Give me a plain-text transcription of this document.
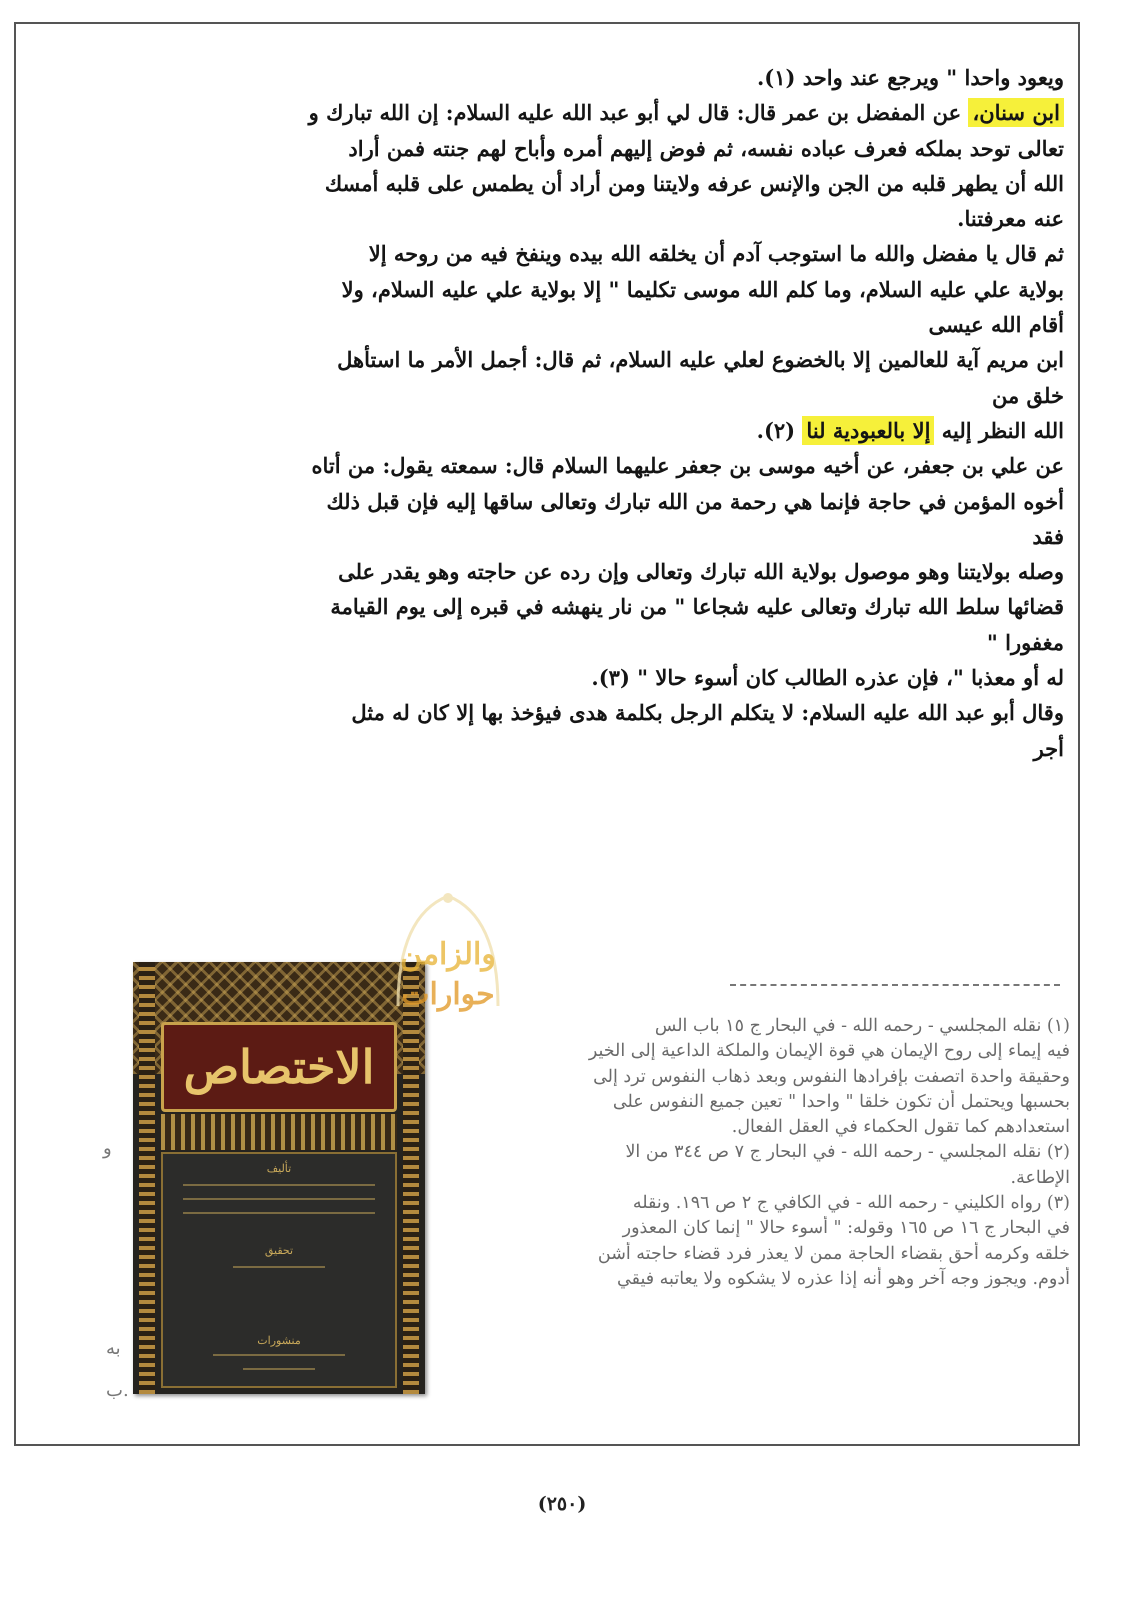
ويعود واحدا " ويرجع عند واحد (١).
ابن سنان، عن المفضل بن عمر قال: قال لي أبو عبد الله عليه السلام: إن الله تبارك و
تعالى توحد بملكه فعرف عباده نفسه، ثم فوض إليهم أمره وأباح لهم جنته فمن أراد
الله أن يطهر قلبه من الجن والإنس عرفه ولايتنا ومن أراد أن يطمس على قلبه أمسك
عنه معرفتنا.
ثم قال يا مفضل والله ما استوجب آدم أن يخلقه الله بيده وينفخ فيه من روحه إلا
بولاية علي عليه السلام، وما كلم الله موسى تكليما " إلا بولاية علي عليه السلام، ولا
أقام الله عيسى
ابن مريم آية للعالمين إلا بالخضوع لعلي عليه السلام، ثم قال: أجمل الأمر ما استأهل
خلق من
الله النظر إليه إلا بالعبودية لنا (٢).
عن علي بن جعفر، عن أخيه موسى بن جعفر عليهما السلام قال: سمعته يقول: من أتاه
أخوه المؤمن في حاجة فإنما هي رحمة من الله تبارك وتعالى ساقها إليه فإن قبل ذلك
فقد
وصله بولايتنا وهو موصول بولاية الله تبارك وتعالى وإن رده عن حاجته وهو يقدر على
قضائها سلط الله تبارك وتعالى عليه شجاعا " من نار ينهشه في قبره إلى يوم القيامة
مغفورا "
له أو معذبا "، فإن عذره الطالب كان أسوء حالا " (٣).
وقال أبو عبد الله عليه السلام: لا يتكلم الرجل بكلمة هدى فيؤخذ بها إلا كان له مثل
أجر
(١) نقله المجلسي - رحمه الله - في البحار ج ١٥ باب الس
فيه إيماء إلى روح الإيمان هي قوة الإيمان والملكة الداعية إلى الخير
وحقيقة واحدة اتصفت بإفرادها النفوس وبعد ذهاب النفوس ترد إلى
بحسبها ويحتمل أن تكون خلقا " واحدا " تعين جميع النفوس على
استعدادهم كما تقول الحكماء في العقل الفعال.
(٢) نقله المجلسي - رحمه الله - في البحار ج ٧ ص ٣٤٤ من الا
الإطاعة.
(٣) رواه الكليني - رحمه الله - في الكافي ج ٢ ص ١٩٦. ونقله
في البحار ج ١٦ ص ١٦٥ وقوله: " أسوء حالا " إنما كان المعذور
خلقه وكرمه أحق بقضاء الحاجة ممن لا يعذر فرد قضاء حاجته أشن
أدوم. ويجوز وجه آخر وهو أنه إذا عذره لا يشكوه ولا يعاتبه فيقي
و
به
ب.
الاختصاص
تأليف
تحقيق
منشورات
والزامن
حوارات
(٢٥٠)
